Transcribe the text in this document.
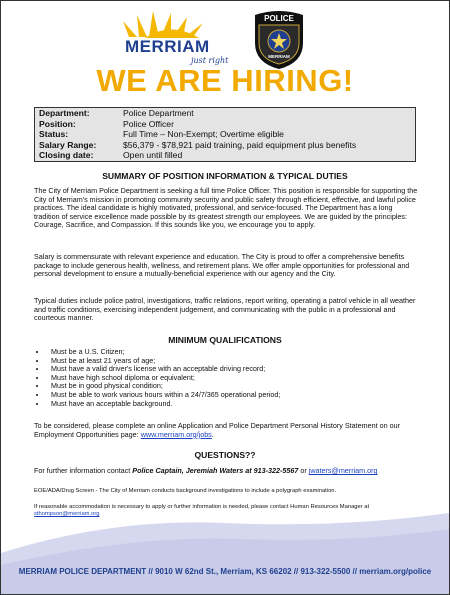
MERRIAM
just right
POLICE
MERRIAM
WE ARE HIRING!
Department:	Police Department
Position:	Police Officer
Status:	Full Time – Non-Exempt; Overtime eligible
Salary Range:	$56,379 - $78,921 paid training, paid equipment plus benefits
Closing date:	Open until filled
SUMMARY OF POSITION INFORMATION & TYPICAL DUTIES

The City of Merriam Police Department is seeking a full time Police Officer. This position is responsible for supporting the City of Merriam's mission in promoting community security and public safety through efficient, effective, and lawful police practices. The ideal candidate is highly motivated, professional, and service-focused. The Department has a long tradition of service excellence made possible by its greatest strength our employees. We are guided by the principles: Courage, Sacrifice, and Compassion. If this sounds like you, we encourage you to apply.

Salary is commensurate with relevant experience and education. The City is proud to offer a comprehensive benefits package to include generous health, wellness, and retirement plans. We offer ample opportunities for professional and personal development to ensure a mutually-beneficial experience with our agency and the City.

Typical duties include police patrol, investigations, traffic relations, report writing, operating a patrol vehicle in all weather and traffic conditions, exercising independent judgement, and communicating with the public in a professional and courteous manner.

MINIMUM QUALIFICATIONS
• Must be a U.S. Citizen;
• Must be at least 21 years of age;
• Must have a valid driver's license with an acceptable driving record;
• Must have high school diploma or equivalent;
• Must be in good physical condition;
• Must be able to work various hours within a 24/7/365 operational period;
• Must have an acceptable background.

To be considered, please complete an online Application and Police Department Personal History Statement on our Employment Opportunities page: www.merriam.org/jobs.

QUESTIONS??

For further information contact Police Captain, Jeremiah Waters at 913-322-5567 or jwaters@merriam.org

EOE/ADA/Drug Screen - The City of Merriam conducts background investigations to include a polygraph examination.

If reasonable accommodation is necessary to apply or further information is needed, please contact Human Resources Manager at sthompson@merriam.org

MERRIAM POLICE DEPARTMENT // 9010 W 62nd St., Merriam, KS 66202 // 913-322-5500 // merriam.org/police
